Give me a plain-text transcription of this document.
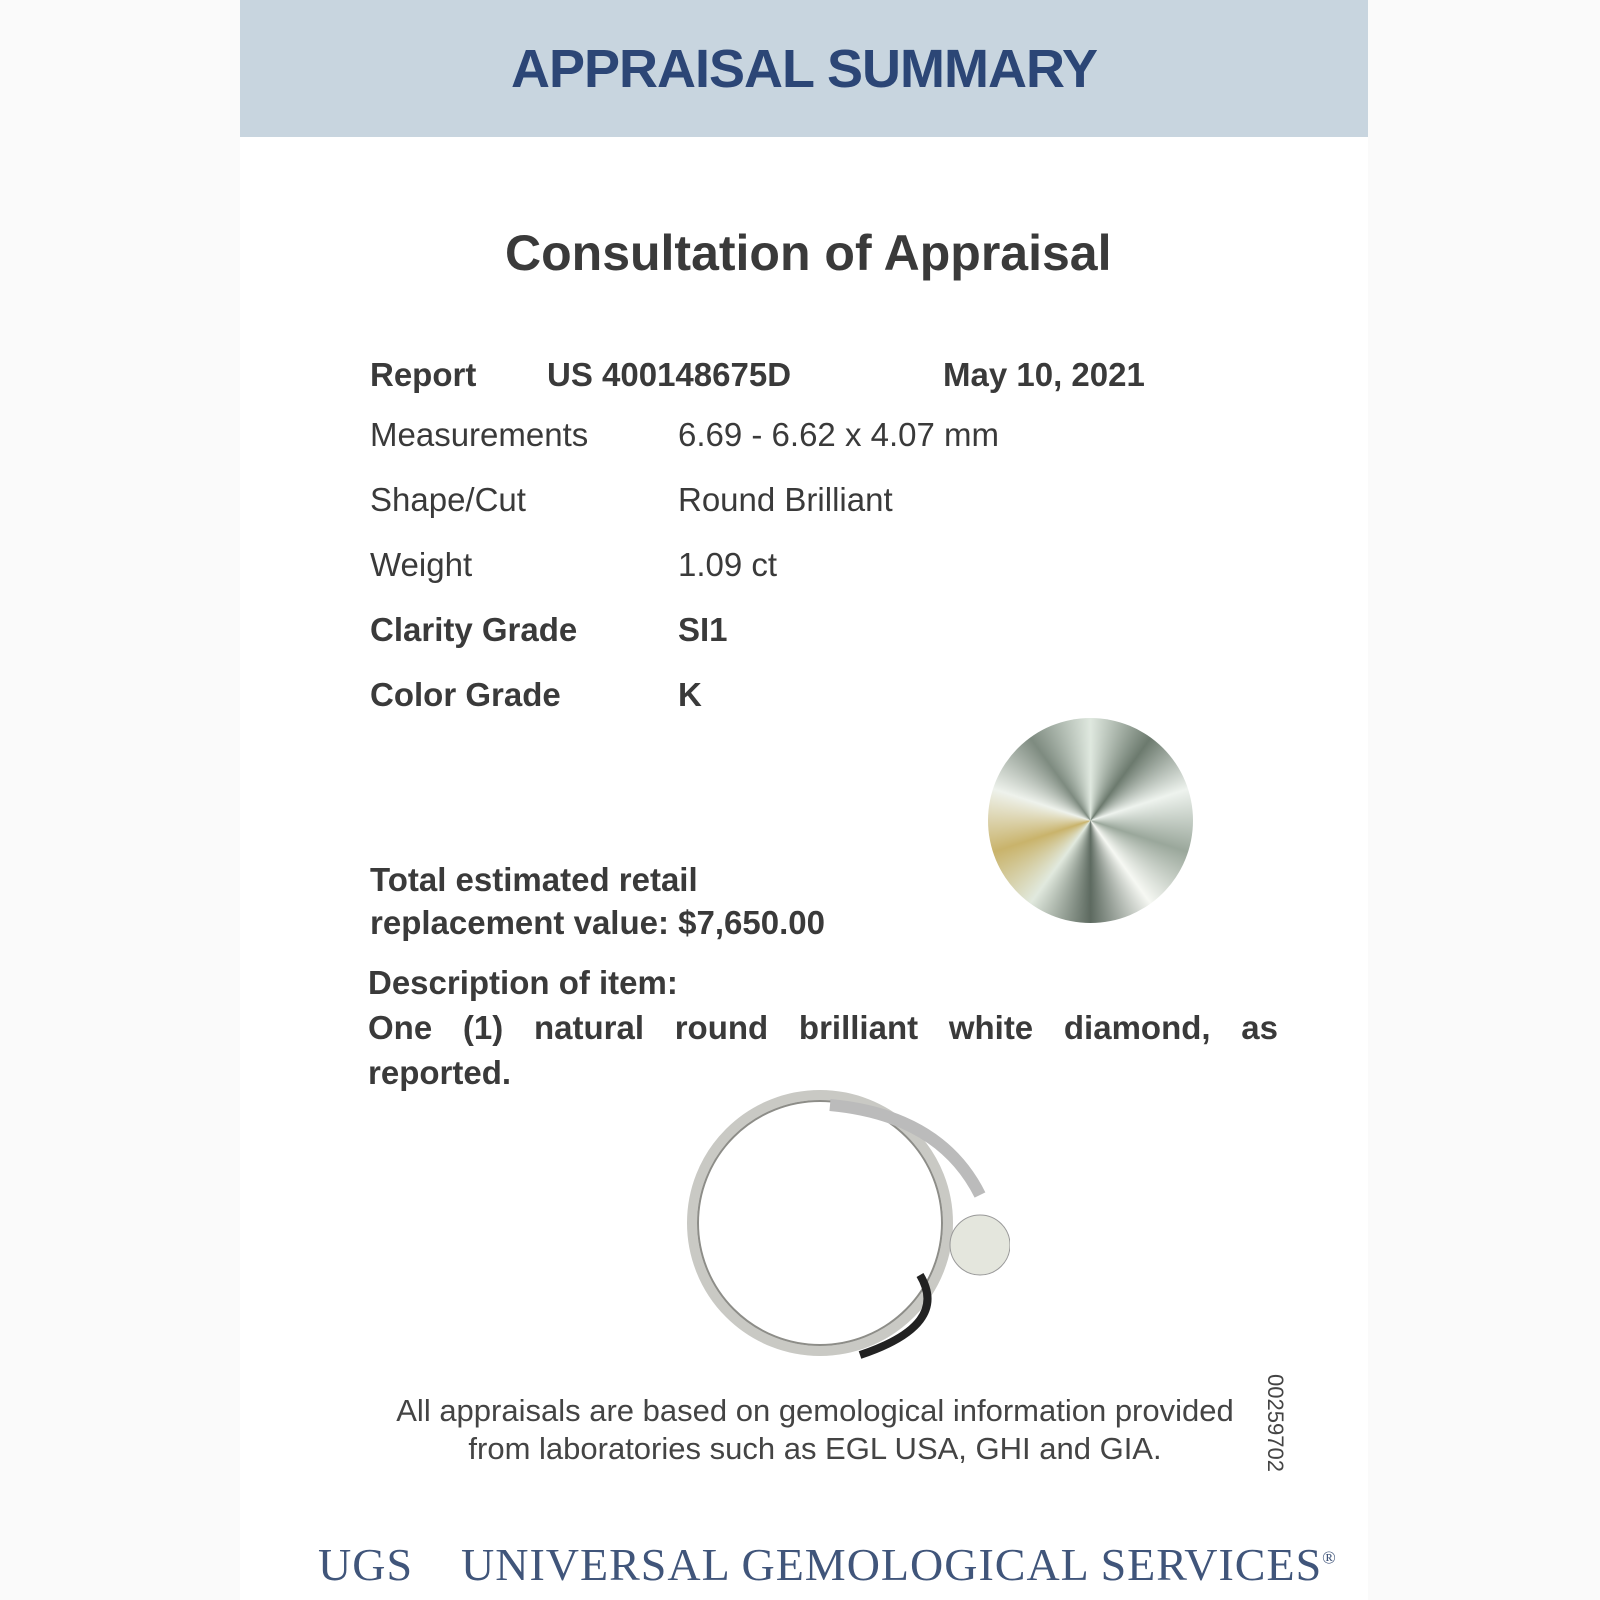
APPRAISAL SUMMARY
Consultation of Appraisal
Report US 400148675D	May 10, 2021
Measurements	6.69 - 6.62 x 4.07 mm
Shape/Cut	Round Brilliant
Weight	1.09 ct
Clarity Grade	SI1
Color Grade	K
Total estimated retail
replacement value: $7,650.00
Description of item:
One (1) natural round brilliant white diamond, as reported.
All appraisals are based on gemological information provided from laboratories such as EGL USA, GHI and GIA.	00259702
UGS UNIVERSAL GEMOLOGICAL SERVICES®
